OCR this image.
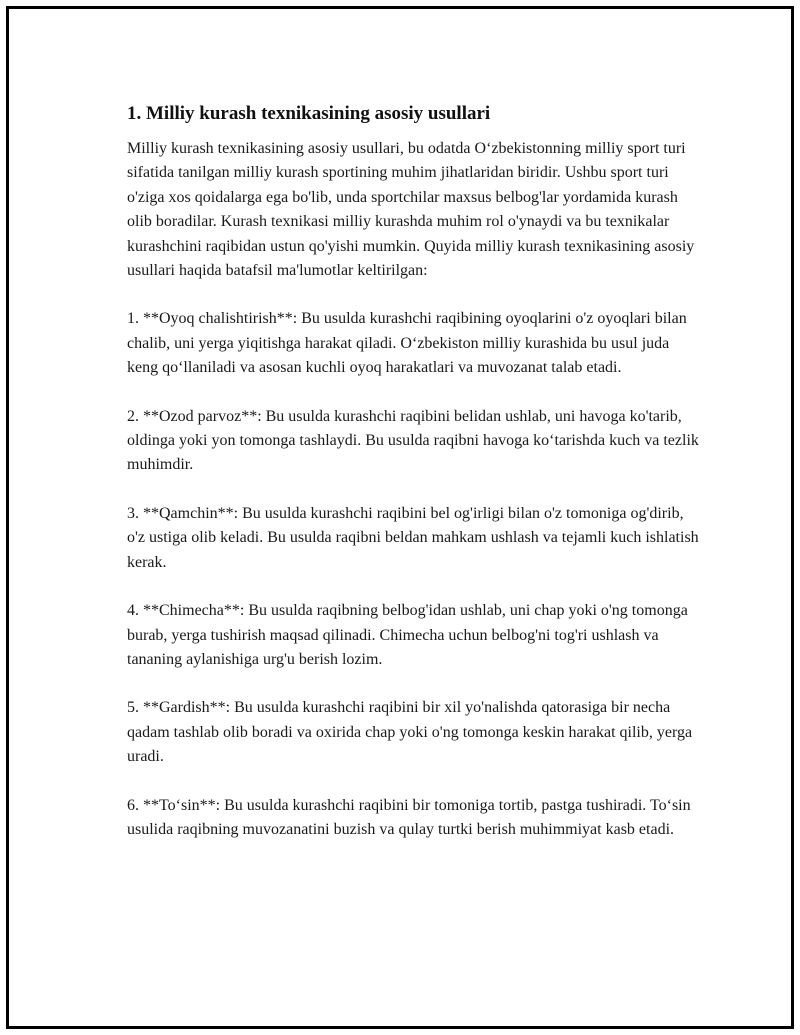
1. Milliy kurash texnikasining asosiy usullari

Milliy kurash texnikasining asosiy usullari, bu odatda O‘zbekistonning milliy sport turi sifatida tanilgan milliy kurash sportining muhim jihatlaridan biridir. Ushbu sport turi o'ziga xos qoidalarga ega bo'lib, unda sportchilar maxsus belbog'lar yordamida kurash olib boradilar. Kurash texnikasi milliy kurashda muhim rol o'ynaydi va bu texnikalar kurashchini raqibidan ustun qo'yishi mumkin. Quyida milliy kurash texnikasining asosiy usullari haqida batafsil ma'lumotlar keltirilgan:

1. **Oyoq chalishtirish**: Bu usulda kurashchi raqibining oyoqlarini o'z oyoqlari bilan chalib, uni yerga yiqitishga harakat qiladi. O‘zbekiston milliy kurashida bu usul juda keng qo‘llaniladi va asosan kuchli oyoq harakatlari va muvozanat talab etadi.

2. **Ozod parvoz**: Bu usulda kurashchi raqibini belidan ushlab, uni havoga ko'tarib, oldinga yoki yon tomonga tashlaydi. Bu usulda raqibni havoga ko‘tarishda kuch va tezlik muhimdir.

3. **Qamchin**: Bu usulda kurashchi raqibini bel og'irligi bilan o'z tomoniga og'dirib, o'z ustiga olib keladi. Bu usulda raqibni beldan mahkam ushlash va tejamli kuch ishlatish kerak.

4. **Chimecha**: Bu usulda raqibning belbog'idan ushlab, uni chap yoki o'ng tomonga burab, yerga tushirish maqsad qilinadi. Chimecha uchun belbog'ni tog'ri ushlash va tananing aylanishiga urg'u berish lozim.

5. **Gardish**: Bu usulda kurashchi raqibini bir xil yo'nalishda qatorasiga bir necha qadam tashlab olib boradi va oxirida chap yoki o'ng tomonga keskin harakat qilib, yerga uradi.

6. **To‘sin**: Bu usulda kurashchi raqibini bir tomoniga tortib, pastga tushiradi. To‘sin usulida raqibning muvozanatini buzish va qulay turtki berish muhimmiyat kasb etadi.
